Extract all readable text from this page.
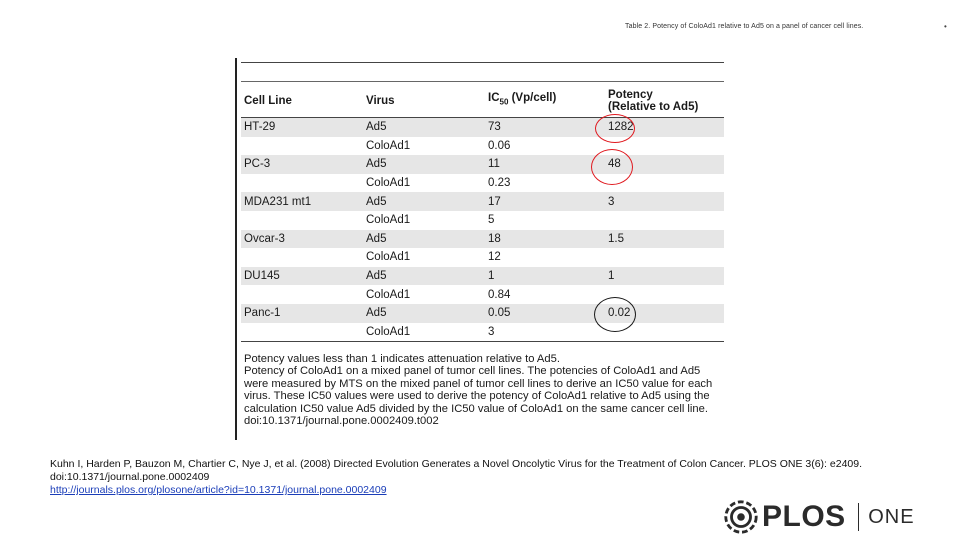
Table 2. Potency of ColoAd1 relative to Ad5 on a panel of cancer cell lines.	•
Cell Line	Virus	$IC_{50}$ (Vp/cell)	Potency
(Relative to Ad5)
HT-29	Ad5	73	1282
	ColoAd1	0.06	
PC-3	Ad5	11	48
	ColoAd1	0.23	
MDA231 mt1	Ad5	17	3
	ColoAd1	5	
Ovcar-3	Ad5	18	1.5
	ColoAd1	12	
DU145	Ad5	1	1
	ColoAd1	0.84	
Panc-1	Ad5	0.05	0.02
	ColoAd1	3	

Potency values less than 1 indicates attenuation relative to Ad5.

Potency of ColoAd1 on a mixed panel of tumor cell lines. The potencies of ColoAd1 and Ad5 were measured by MTS on the mixed panel of tumor cell lines to derive an IC50 value for each virus. These IC50 values were used to derive the potency of ColoAd1 relative to Ad5 using the calculation IC50 value Ad5 divided by the IC50 value of ColoAd1 on the same cancer cell line.

doi:10.1371/journal.pone.0002409.t002

Kuhn I, Harden P, Bauzon M, Chartier C, Nye J, et al. (2008) Directed Evolution Generates a Novel Oncolytic Virus for the Treatment of Colon Cancer. PLOS ONE 3(6): e2409. doi:10.1371/journal.pone.0002409
http://journals.plos.org/plosone/article?id=10.1371/journal.pone.0002409
PLOS ONE
